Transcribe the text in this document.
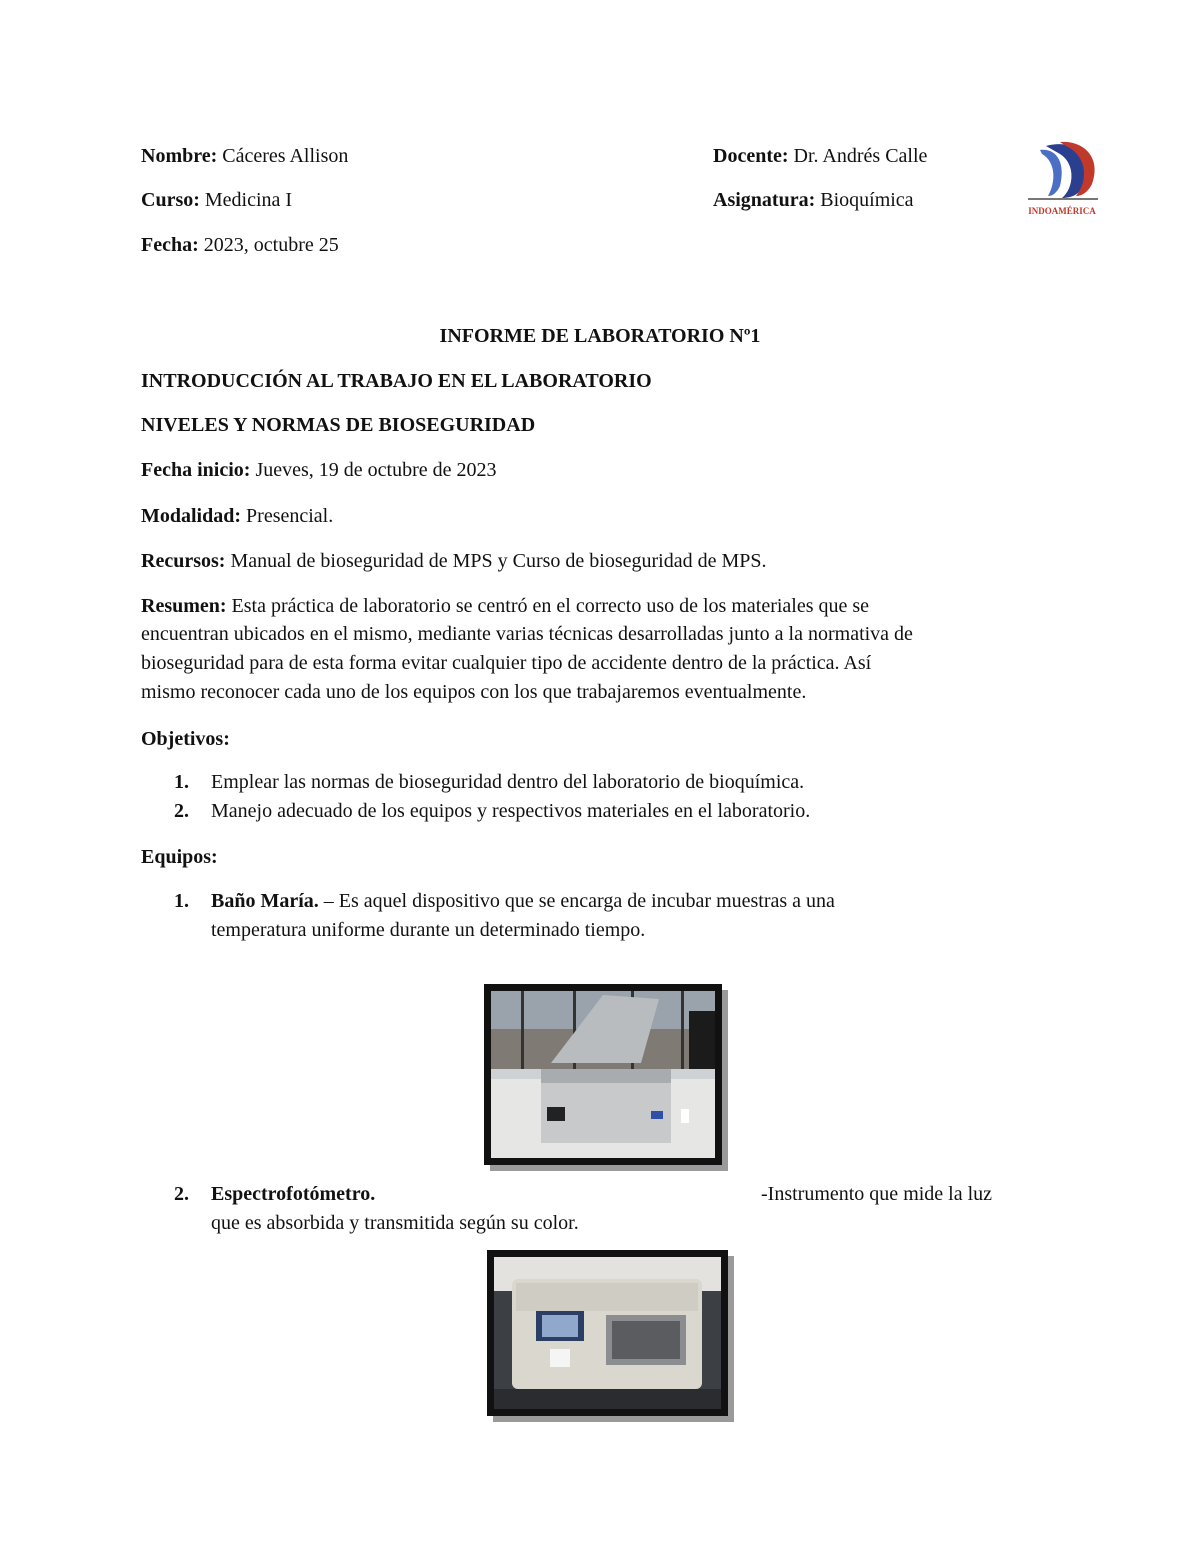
Nombre: Cáceres Allison
Curso: Medicina I
Fecha: 2023, octubre 25
Docente: Dr. Andrés Calle
Asignatura: Bioquímica	INDOAMÉRICA
INFORME DE LABORATORIO Nº1
INTRODUCCIÓN AL TRABAJO EN EL LABORATORIO
NIVELES Y NORMAS DE BIOSEGURIDAD
Fecha inicio: Jueves, 19 de octubre de 2023
Modalidad: Presencial.
Recursos: Manual de bioseguridad de MPS y Curso de bioseguridad de MPS.
Resumen: Esta práctica de laboratorio se centró en el correcto uso de los materiales que se
encuentran ubicados en el mismo, mediante varias técnicas desarrolladas junto a la normativa de
bioseguridad para de esta forma evitar cualquier tipo de accidente dentro de la práctica. Así
mismo reconocer cada uno de los equipos con los que trabajaremos eventualmente.
Objetivos:
1. Emplear las normas de bioseguridad dentro del laboratorio de bioquímica.
2. Manejo adecuado de los equipos y respectivos materiales en el laboratorio.
Equipos:
1. Baño María. – Es aquel dispositivo que se encarga de incubar muestras a una
temperatura uniforme durante un determinado tiempo.
2. Espectrofotómetro.	-Instrumento que mide la luz
que es absorbida y transmitida según su color.
